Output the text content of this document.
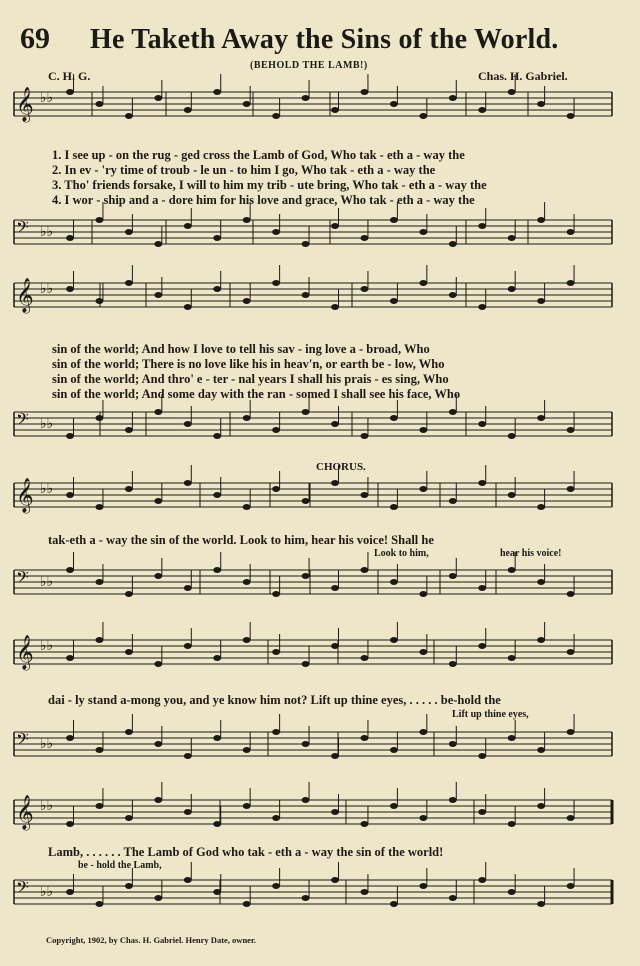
69 He Taketh Away the Sins of the World.
(BEHOLD THE LAMB!)
C. H. G.	Chas. H. Gabriel.
𝄞 ♭♭
𝄢 ♭♭
𝄞 ♭♭
𝄢 ♭♭
𝄞 ♭♭
𝄢 ♭♭
𝄞 ♭♭
𝄢 ♭♭
𝄞 ♭♭
𝄢 ♭♭
1. I see up - on the rug - ged cross the Lamb of God, Who tak - eth a - way the
2. In ev - 'ry time of troub - le un - to him I go, Who tak - eth a - way the
3. Tho' friends forsake, I will to him my trib - ute bring, Who tak - eth a - way the
4. I wor - ship and a - dore him for his love and grace, Who tak - eth a - way the
sin of the world; And how I love to tell his sav - ing love a - broad, Who
sin of the world; There is no love like his in heav'n, or earth be - low, Who
sin of the world; And thro' e - ter - nal years I shall his prais - es sing, Who
sin of the world; And some day with the ran - somed I shall see his face, Who
CHORUS.
tak-eth a - way the sin of the world. Look to him, hear his voice! Shall he
Look to him,	hear his voice!
dai - ly stand a-mong you, and ye know him not? Lift up thine eyes, . . . . . be-hold the
Lift up thine eyes,
Lamb, . . . . . . The Lamb of God who tak - eth a - way the sin of the world!
be - hold the Lamb,
Copyright, 1902, by Chas. H. Gabriel. Henry Date, owner.
